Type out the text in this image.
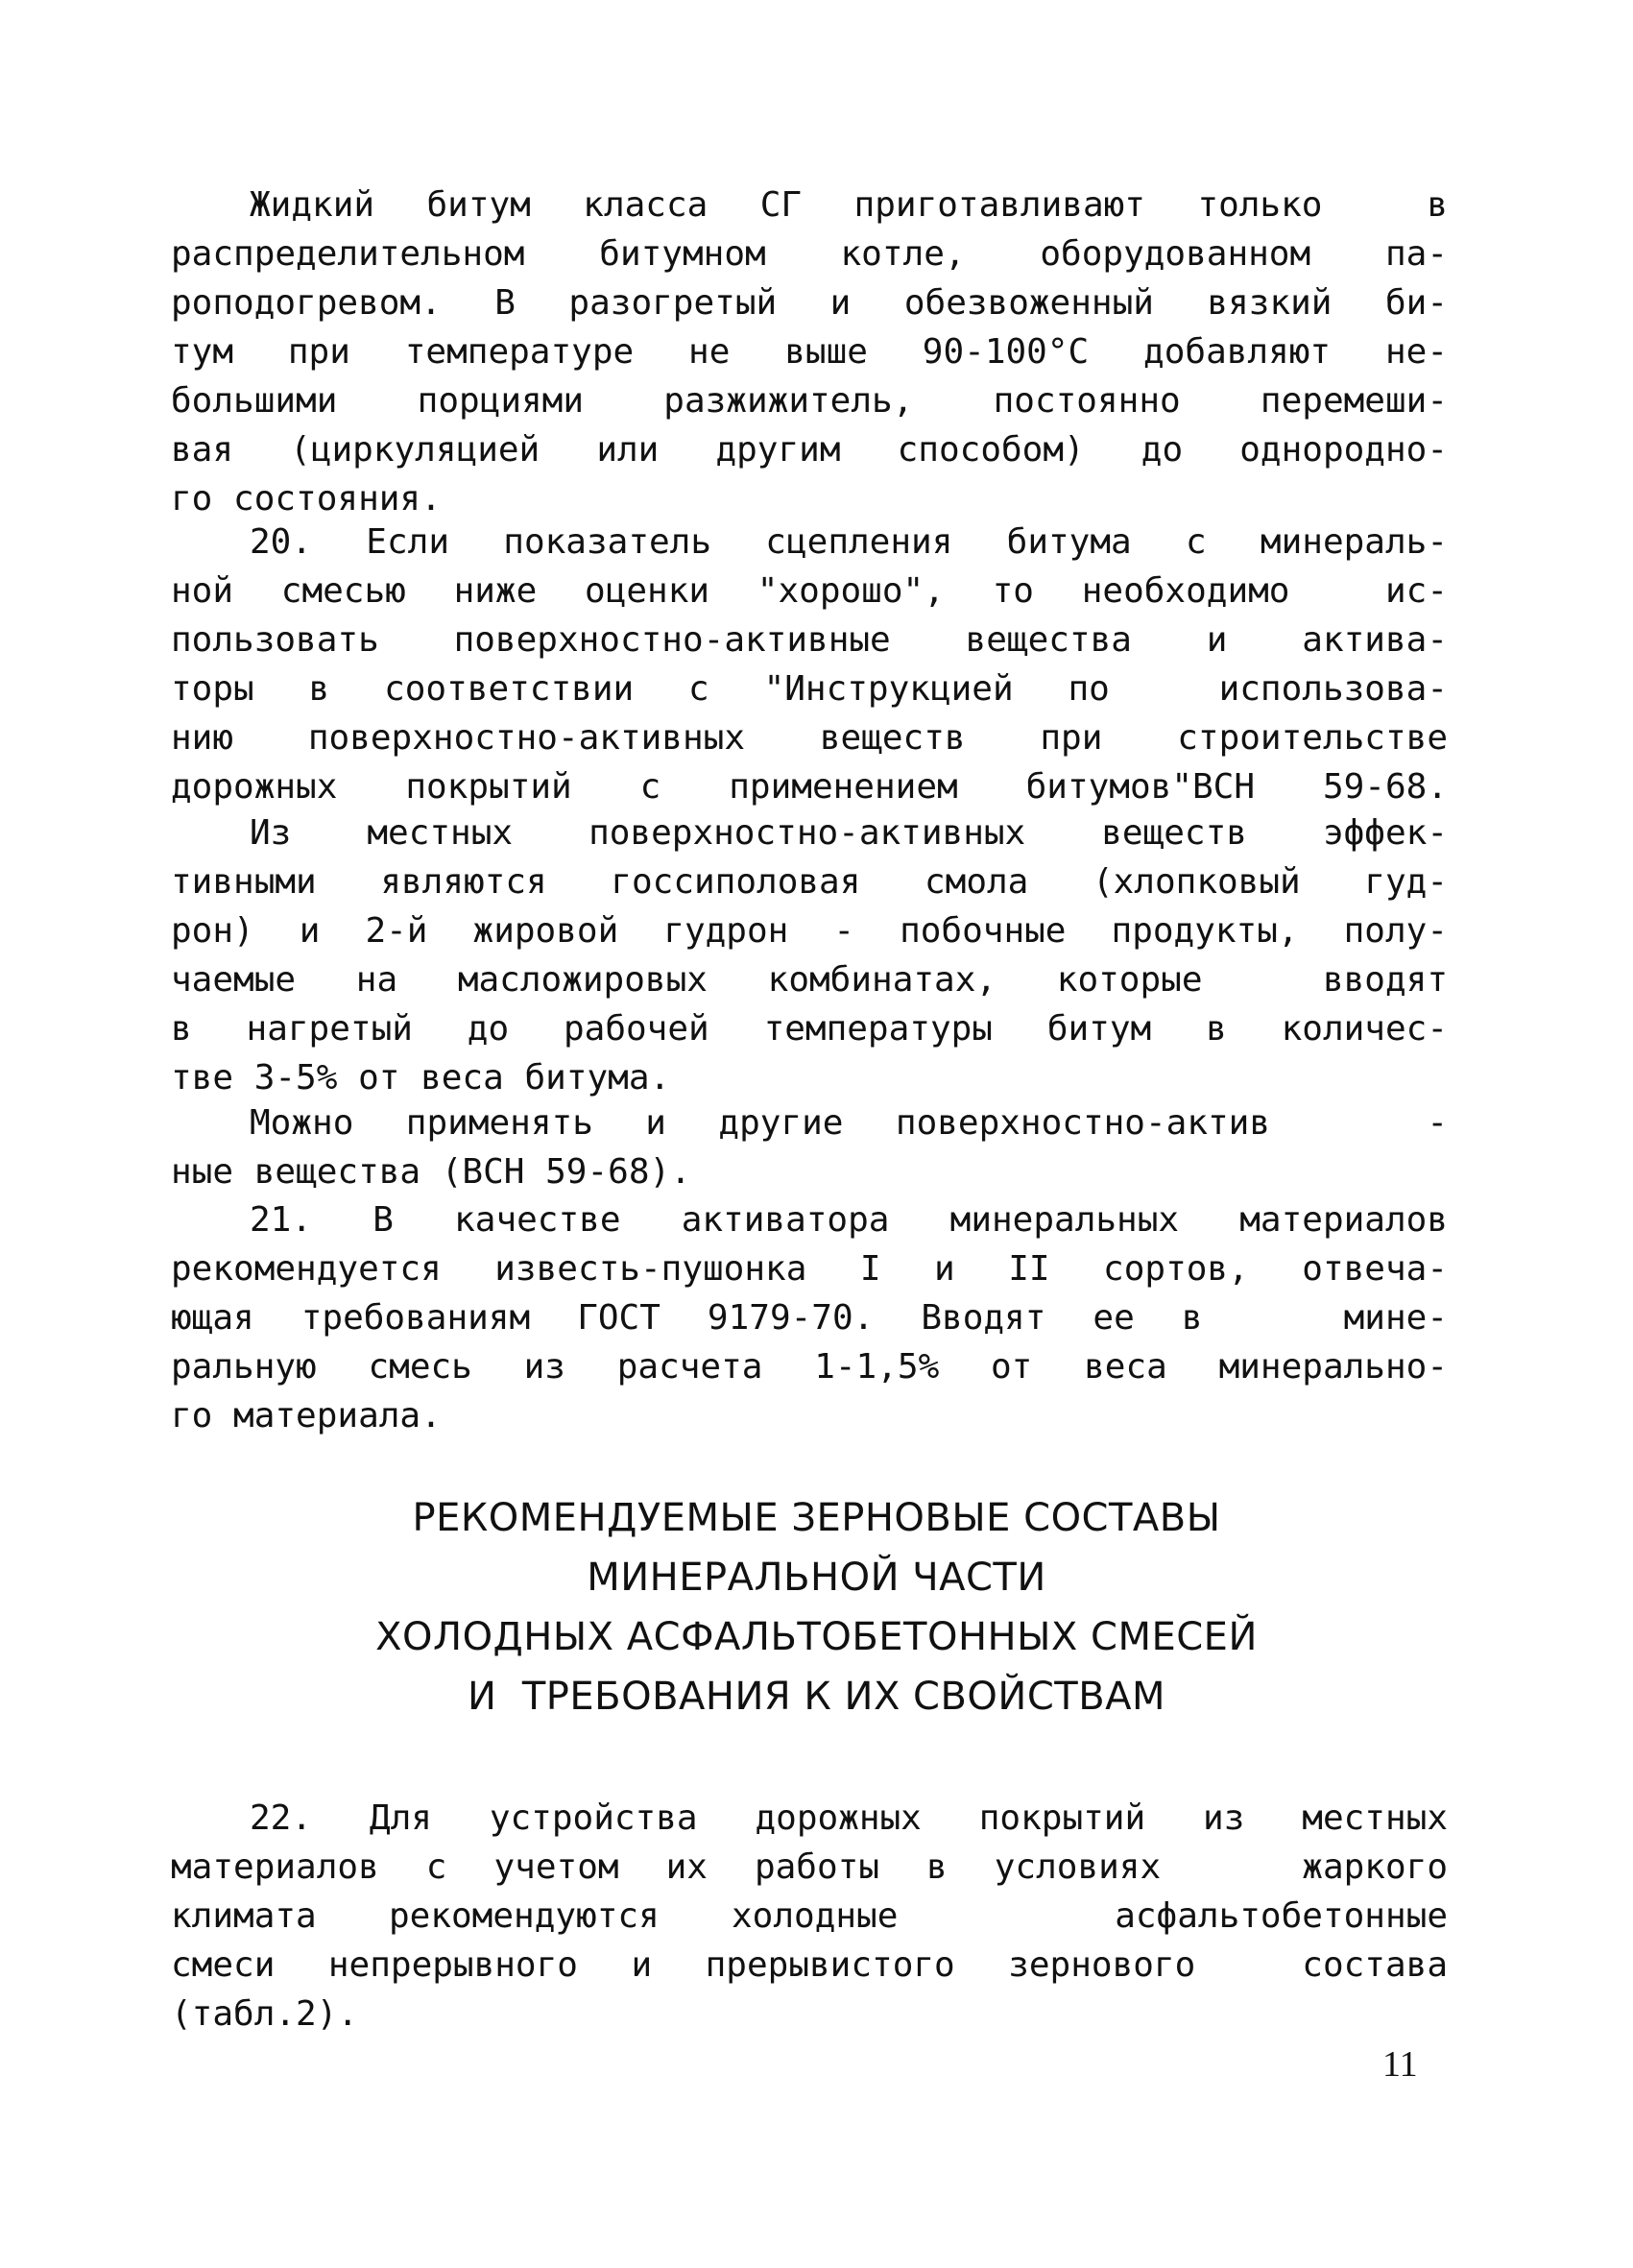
Жидкий битум класса СГ приготавливают только  в
распределительном битумном котле, оборудованном па-
роподогревом. В разогретый и обезвоженный вязкий би-
тум при температуре не выше 90-100°С добавляют не-
большими порциями разжижитель, постоянно перемеши-
вая (циркуляцией или другим способом) до однородно-
го состояния.
20. Если показатель сцепления битума с минераль-
ной смесью ниже оценки "хорошо", то необходимо  ис-
пользовать поверхностно-активные вещества и актива-
торы в соответствии с "Инструкцией по  использова-
нию поверхностно-активных веществ при строительстве
дорожных покрытий с применением битумов"ВСН 59-68.
Из местных поверхностно-активных веществ эффек-
тивными являются госсиполовая смола (хлопковый гуд-
рон) и 2-й жировой гудрон - побочные продукты, полу-
чаемые на масложировых комбинатах, которые  вводят
в нагретый до рабочей температуры битум в количес-
тве 3-5% от веса битума.
Можно применять и другие поверхностно-актив   -
ные вещества (ВСН 59-68).
21. В качестве активатора минеральных материалов
рекомендуется известь-пушонка I и II сортов, отвеча-
ющая требованиям ГОСТ 9179-70. Вводят ее в   мине-
ральную смесь из расчета 1-1,5% от веса минерально-
го материала.
РЕКОМЕНДУЕМЫЕ ЗЕРНОВЫЕ СОСТАВЫ
МИНЕРАЛЬНОЙ ЧАСТИ
ХОЛОДНЫХ АСФАЛЬТОБЕТОННЫХ СМЕСЕЙ
И  ТРЕБОВАНИЯ К ИХ СВОЙСТВАМ
22. Для устройства дорожных покрытий из местных
материалов с учетом их работы в условиях   жаркого
климата рекомендуются холодные   асфальтобетонные
смеси непрерывного и прерывистого зернового  состава
(табл.2).
11
